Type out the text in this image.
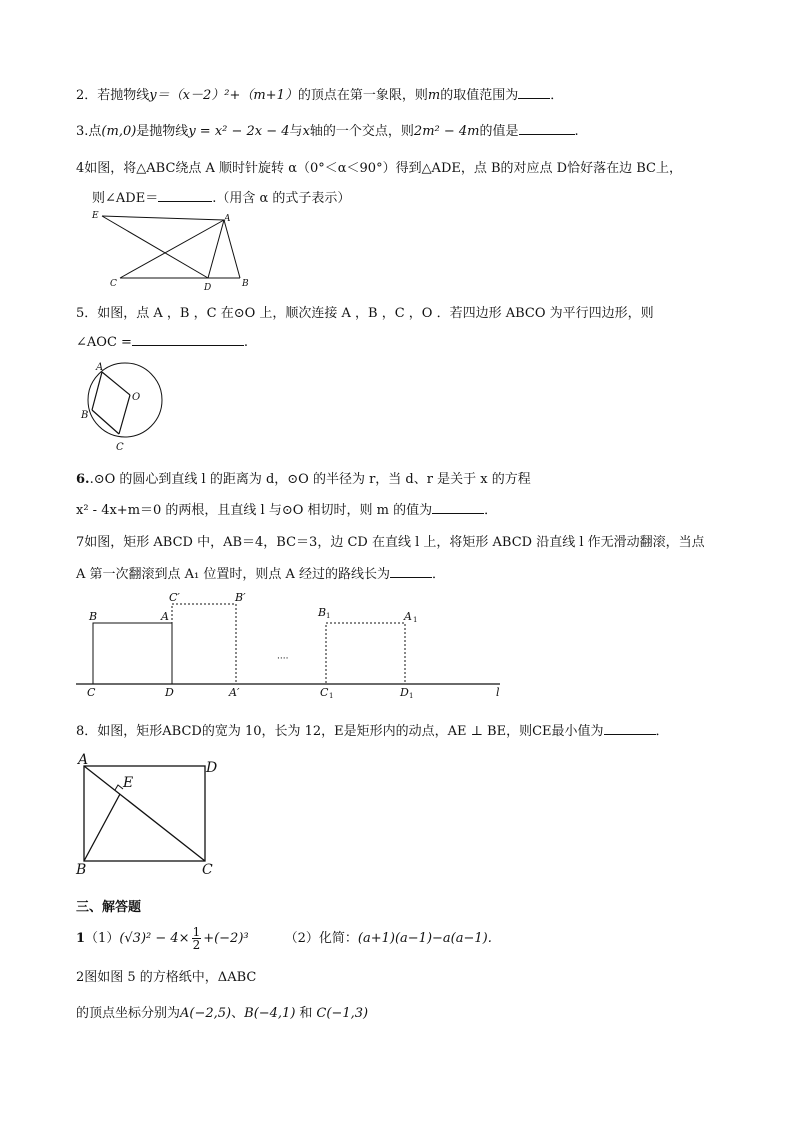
2．若抛物线y＝（x－2）²+（m+1）的顶点在第一象限，则m的取值范围为 ．
3.点(m,0)是抛物线y = x² − 2x − 4与x轴的一个交点，则2m² − 4m的值是	.
4如图，将△ABC绕点 A 顺时针旋转 α（0°＜α＜90°）得到△ADE，点 B的对应点 D恰好落在边 BC上，
则∠ADE＝	.（用含 α 的式子表示）
E	A
C	D	B
5．如图，点 A ，B ，C 在⊙O 上，顺次连接 A ，B ，C ，O ．若四边形 ABCO 为平行四边形，则
∠AOC =	.
A
B
C
O
6..⊙O 的圆心到直线 l 的距离为 d，⊙O 的半径为 r，当 d、r 是关于 x 的方程
x² - 4x+m＝0 的两根，且直线 l 与⊙O 相切时，则 m 的值为	．
7如图，矩形 ABCD 中，AB＝4，BC＝3，边 CD 在直线 l 上，将矩形 ABCD 沿直线 l 作无滑动翻滚，当点
A 第一次翻滚到点 A₁ 位置时，则点 A 经过的路线长为	．
B	A
C	D
C′	B′
A′
B	A
C	D	l
1	1
1	1
····
8．如图，矩形ABCD的宽为 10，长为 12，E是矩形内的动点，AE ⊥ BE，则CE最小值为	．
A	D
E
B	C
三、解答题
$1(1)(√3)^2 - 4\times \frac{1}{2} +(-2)^3$	（2）化简：(a+1)(a−1)−a(a−1).
2图如图 5 的方格纸中，ΔABC
的顶点坐标分别为A(−2,5)、B(−4,1) 和 C(−1,3)
